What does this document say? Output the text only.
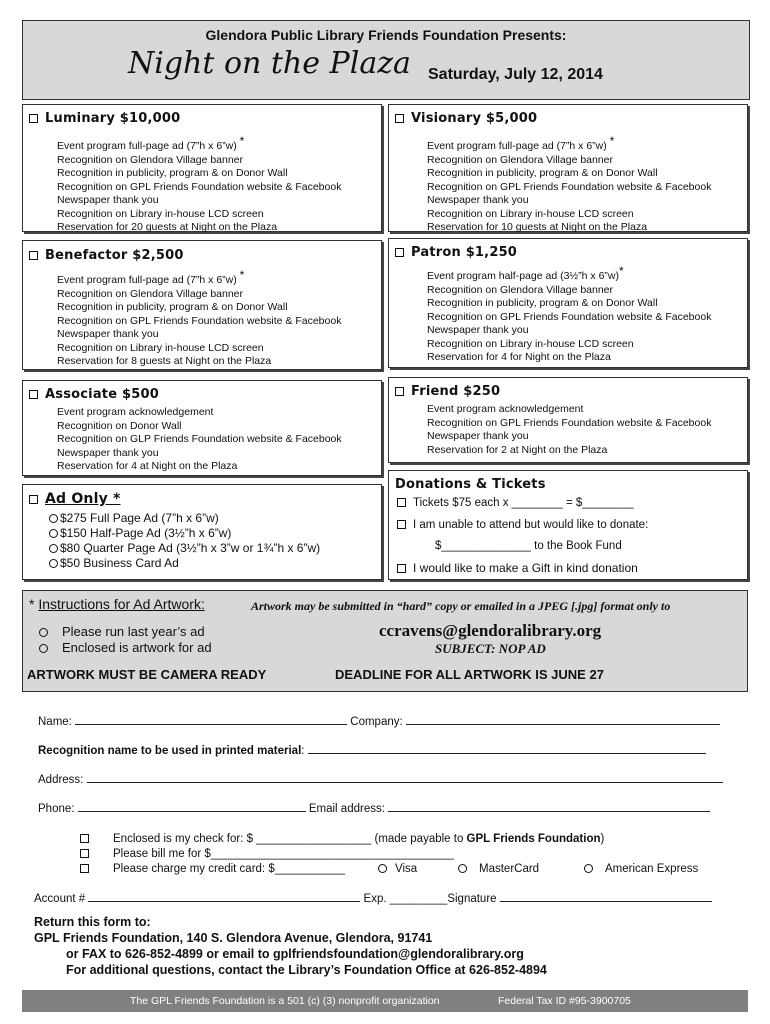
Glendora Public Library Friends Foundation Presents:
Night on the Plaza Saturday, July 12, 2014
Luminary $10,000
Event program full-page ad (7”h x 6”w) *
Recognition on Glendora Village banner
Recognition in publicity, program & on Donor Wall
Recognition on GPL Friends Foundation website & Facebook
Newspaper thank you
Recognition on Library in-house LCD screen
Reservation for 20 guests at Night on the Plaza
Visionary $5,000
Event program full-page ad (7”h x 6”w) *
Recognition on Glendora Village banner
Recognition in publicity, program & on Donor Wall
Recognition on GPL Friends Foundation website & Facebook
Newspaper thank you
Recognition on Library in-house LCD screen
Reservation for 10 guests at Night on the Plaza
Benefactor $2,500
Event program full-page ad (7”h x 6”w) *
Recognition on Glendora Village banner
Recognition in publicity, program & on Donor Wall
Recognition on GPL Friends Foundation website & Facebook
Newspaper thank you
Recognition on Library in-house LCD screen
Reservation for 8 guests at Night on the Plaza
Patron $1,250
Event program half-page ad (3½”h x 6”w)*
Recognition on Glendora Village banner
Recognition in publicity, program & on Donor Wall
Recognition on GPL Friends Foundation website & Facebook
Newspaper thank you
Recognition on Library in-house LCD screen
Reservation for 4 for Night on the Plaza
Associate $500
Event program acknowledgement
Recognition on Donor Wall
Recognition on GLP Friends Foundation website & Facebook
Newspaper thank you
Reservation for 4 at Night on the Plaza
Friend $250
Event program acknowledgement
Recognition on GPL Friends Foundation website & Facebook
Newspaper thank you
Reservation for 2 at Night on the Plaza
Ad Only *
$275 Full Page Ad (7”h x 6”w)
$150 Half-Page Ad (3½”h x 6”w)
$80 Quarter Page Ad (3½”h x 3”w or 1¾”h x 6”w)
$50 Business Card Ad
Donations & Tickets
Tickets $75 each x ________ = $________
I am unable to attend but would like to donate:
$______________ to the Book Fund
I would like to make a Gift in kind donation
* Instructions for Ad Artwork:	Artwork may be submitted in “hard” copy or emailed in a JPEG [.jpg] format only to
Please run last year’s ad
Enclosed is artwork for ad
ccravens@glendoralibrary.org
SUBJECT: NOP AD
ARTWORK MUST BE CAMERA READY	DEADLINE FOR ALL ARTWORK IS JUNE 27
Name:	Company:
Recognition name to be used in printed material:
Address:
Phone:	Email address:
Enclosed is my check for: $ __________________ (made payable to GPL Friends Foundation)
Please bill me for $______________________________________
Please charge my credit card: $___________	Visa	MasterCard	American Express
Account #	Exp. _________Signature
Return this form to:
GPL Friends Foundation, 140 S. Glendora Avenue, Glendora, 91741
or FAX to 626-852-4899 or email to gplfriendsfoundation@glendoralibrary.org
For additional questions, contact the Library’s Foundation Office at 626-852-4894
The GPL Friends Foundation is a 501 (c) (3) nonprofit organization	Federal Tax ID #95-3900705
